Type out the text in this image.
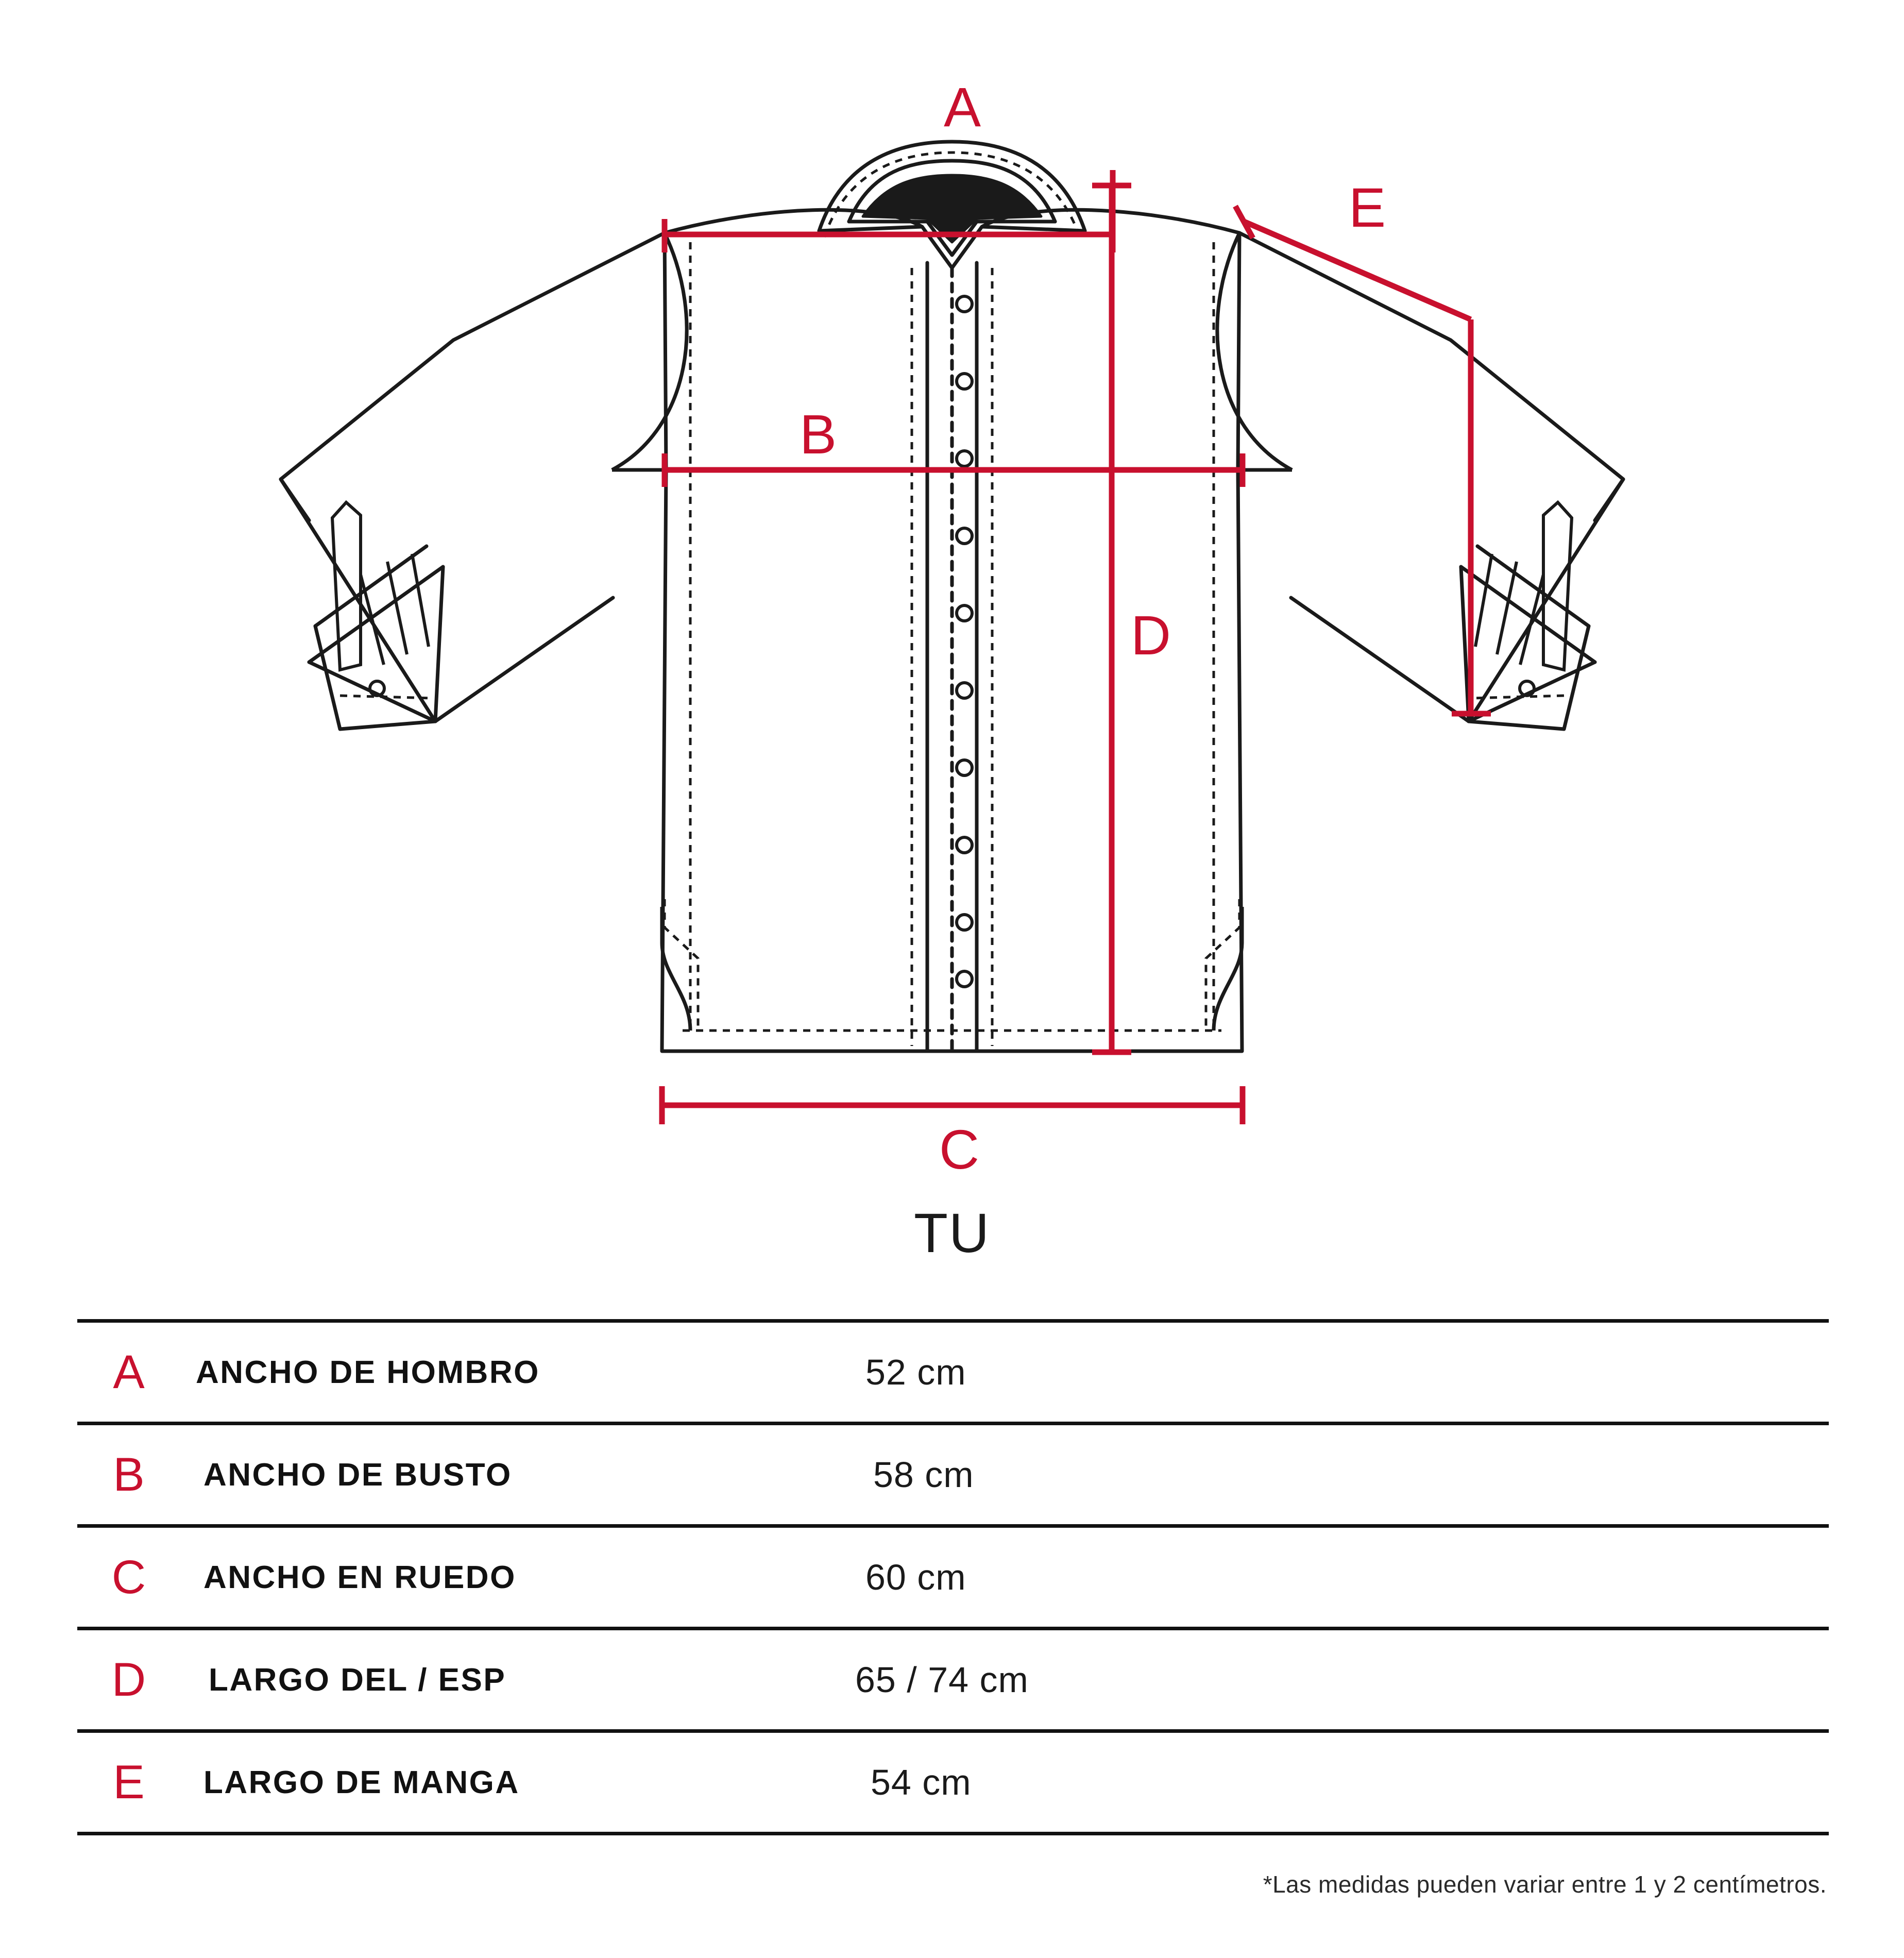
A
B
C
D
E
TU
A	ANCHO DE HOMBRO	52 cm
B	ANCHO DE BUSTO	58 cm
C	ANCHO EN RUEDO	60 cm
D	LARGO DEL / ESP	65 / 74 cm
E	LARGO DE MANGA	54 cm
*Las medidas pueden variar entre 1 y 2 centímetros.
